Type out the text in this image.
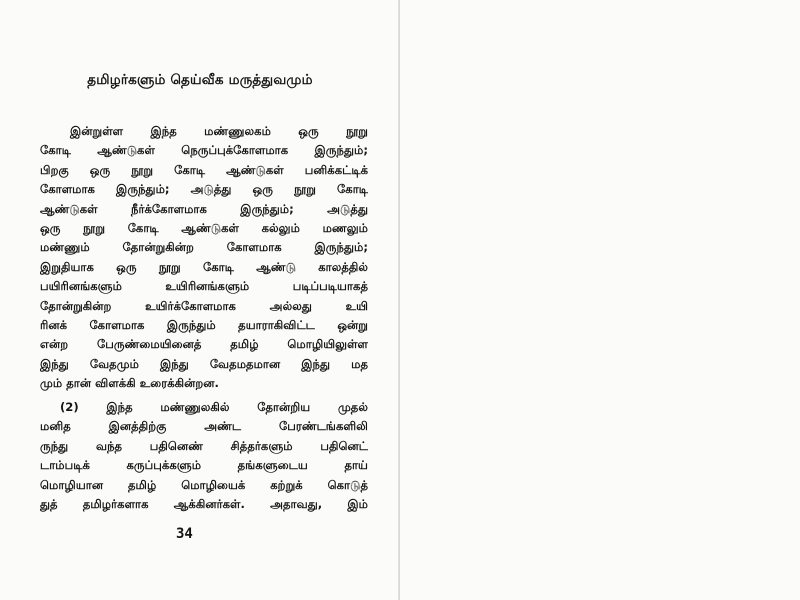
தமிழர்களும் தெய்வீக மருத்துவமும்
இன்றுள்ள இந்த மண்ணுலகம் ஒரு நூறு
கோடி ஆண்டுகள் நெருப்புக்கோளமாக இருந்தும்;
பிறகு ஒரு நூறு கோடி ஆண்டுகள் பனிக்கட்டிக்
கோளமாக இருந்தும்; அடுத்து ஒரு நூறு கோடி
ஆண்டுகள் நீர்க்கோளமாக இருந்தும்; அடுத்து
ஒரு நூறு கோடி ஆண்டுகள் கல்லும் மணலும்
மண்ணும் தோன்றுகின்ற கோளமாக இருந்தும்;
இறுதியாக ஒரு நூறு கோடி ஆண்டு காலத்தில்
பயிரினங்களும் உயிரினங்களும் படிப்படியாகத்
தோன்றுகின்ற உயிர்க்கோளமாக அல்லது உயி
ரினக் கோளமாக இருந்தும் தயாராகிவிட்ட ஒன்று
என்ற பேருண்மையினைத் தமிழ் மொழியிலுள்ள
இந்து வேதமும் இந்து வேதமதமான இந்து மத
மும் தான் விளக்கி உரைக்கின்றன.
(2) இந்த மண்ணுலகில் தோன்றிய முதல்
மனித இனத்திற்கு அண்ட பேரண்டங்களிலி
ருந்து வந்த பதினெண் சித்தர்களும் பதினெட்
டாம்படிக் கருப்புக்களும் தங்களுடைய தாய்
மொழியான தமிழ் மொழியைக் கற்றுக் கொடுத்
துத் தமிழர்களாக ஆக்கினர்கள். அதாவது, இம்
34
